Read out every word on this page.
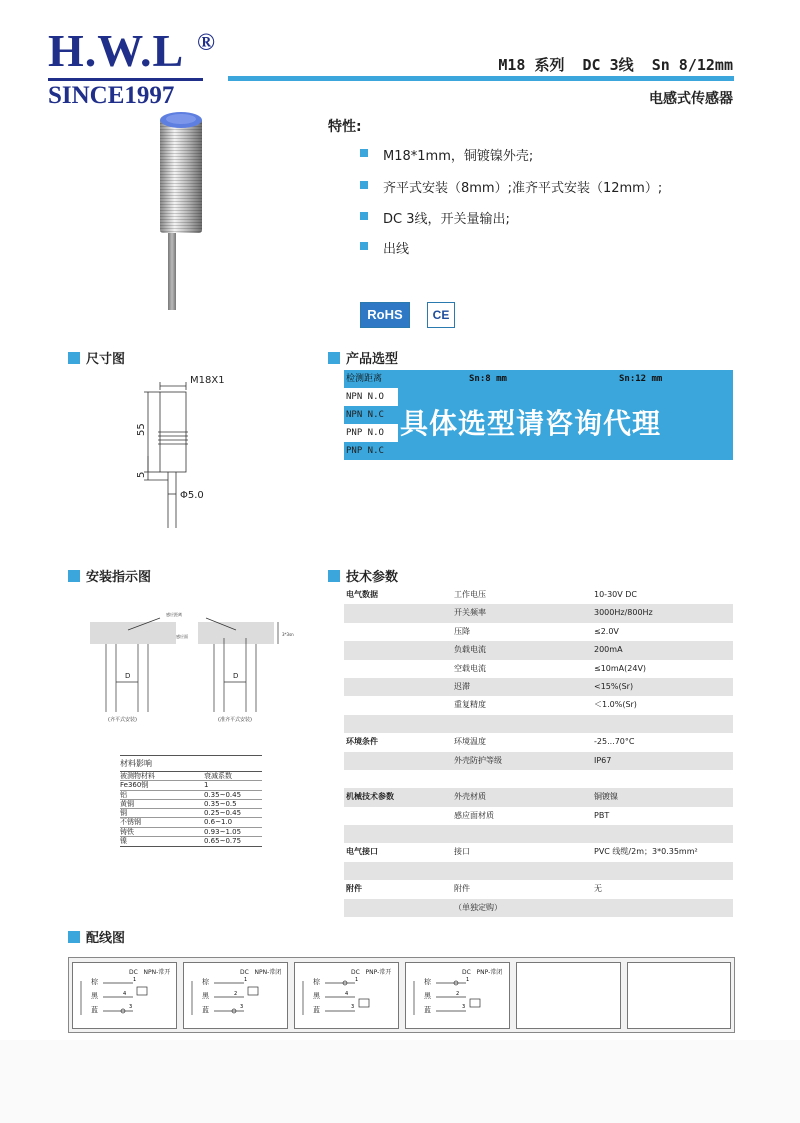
H.W.L ®
SINCE1997
M18 系列  DC 3线  Sn 8/12mm
电感式传感器
特性:
M18*1mm，铜镀镍外壳;
齐平式安装（8mm）;准齐平式安装（12mm）;
DC 3线，开关量输出;
出线
RoHS	CE
尺寸图	产品选型
安装指示图	技术参数
配线图
M18X1
55
5
Φ5.0
检测距离	Sn:8 mm	Sn:12 mm
NPN N.O
NPN N.C
PNP N.O
PNP N.C
具体选型请咨询代理
感应距离
感应面	3*3sn
D	D
(齐平式安装)	(准齐平式安装)
材料影响
被测物材料	衰减系数
Fe360钢	1
铝	0.35~0.45
黄铜	0.35~0.5
铜	0.25~0.45
不锈钢	0.6~1.0
铸铁	0.93~1.05
镍	0.65~0.75
电气数据	工作电压	10-30V DC
开关频率	3000Hz/800Hz
压降	≤2.0V
负载电流	200mA
空载电流	≤10mA(24V)
迟滞	<15%(Sr)
重复精度	＜1.0%(Sr)
环境条件	环境温度	-25...70°C
外壳防护等级	IP67
机械技术参数	外壳材质	铜镀镍
感应面材质	PBT
电气接口	接口	PVC 线缆/2m；3*0.35mm²
附件	附件	无
（单独定购）
DC   NPN-常开
棕
黑
蓝
1
4
3
DC   NPN-常闭
棕
黑
蓝
1
2
3
DC   PNP-常开
棕
黑
蓝
1
4
3
DC   PNP-常闭
棕
黑
蓝
1
2
3
